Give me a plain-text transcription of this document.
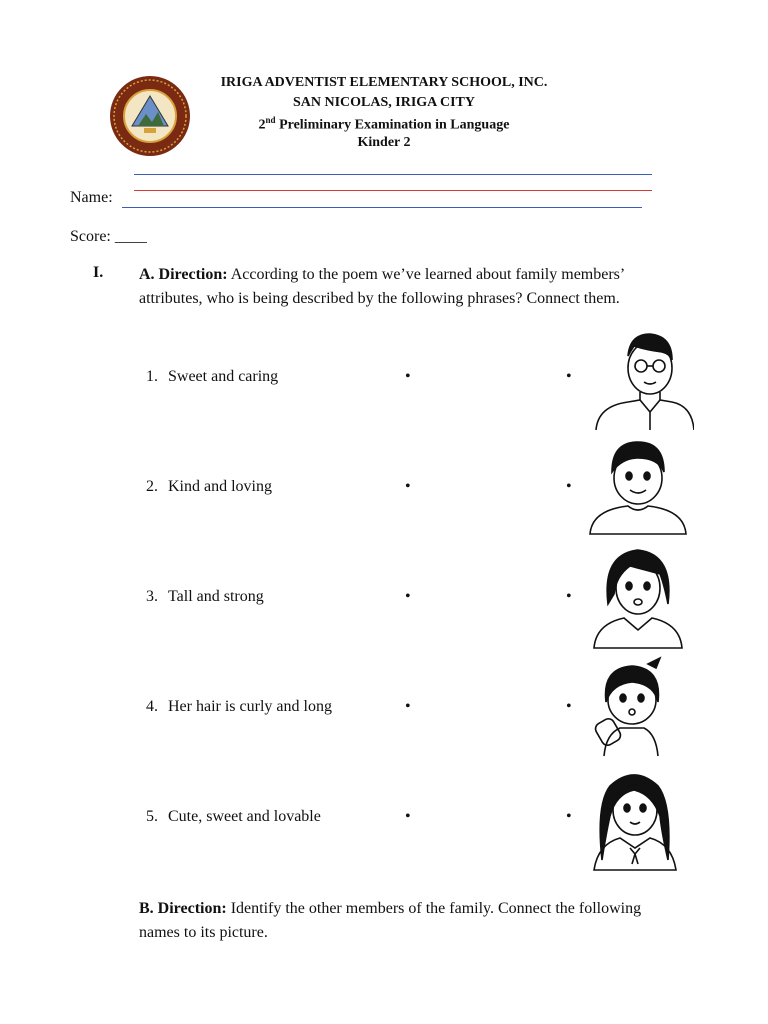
IRIGA ADVENTIST ELEMENTARY SCHOOL, INC.
SAN NICOLAS, IRIGA CITY
2nd Preliminary Examination in Language
Kinder 2
Name:
Score: ____
I. A. Direction: According to the poem we’ve learned about family members’
attributes, who is being described by the following phrases? Connect them.
1. Sweet and caring
2. Kind and loving
3. Tall and strong
4. Her hair is curly and long
5. Cute, sweet and lovable
•
•
•
•
•
•
•
•
•
•
B. Direction: Identify the other members of the family. Connect the following
names to its picture.
